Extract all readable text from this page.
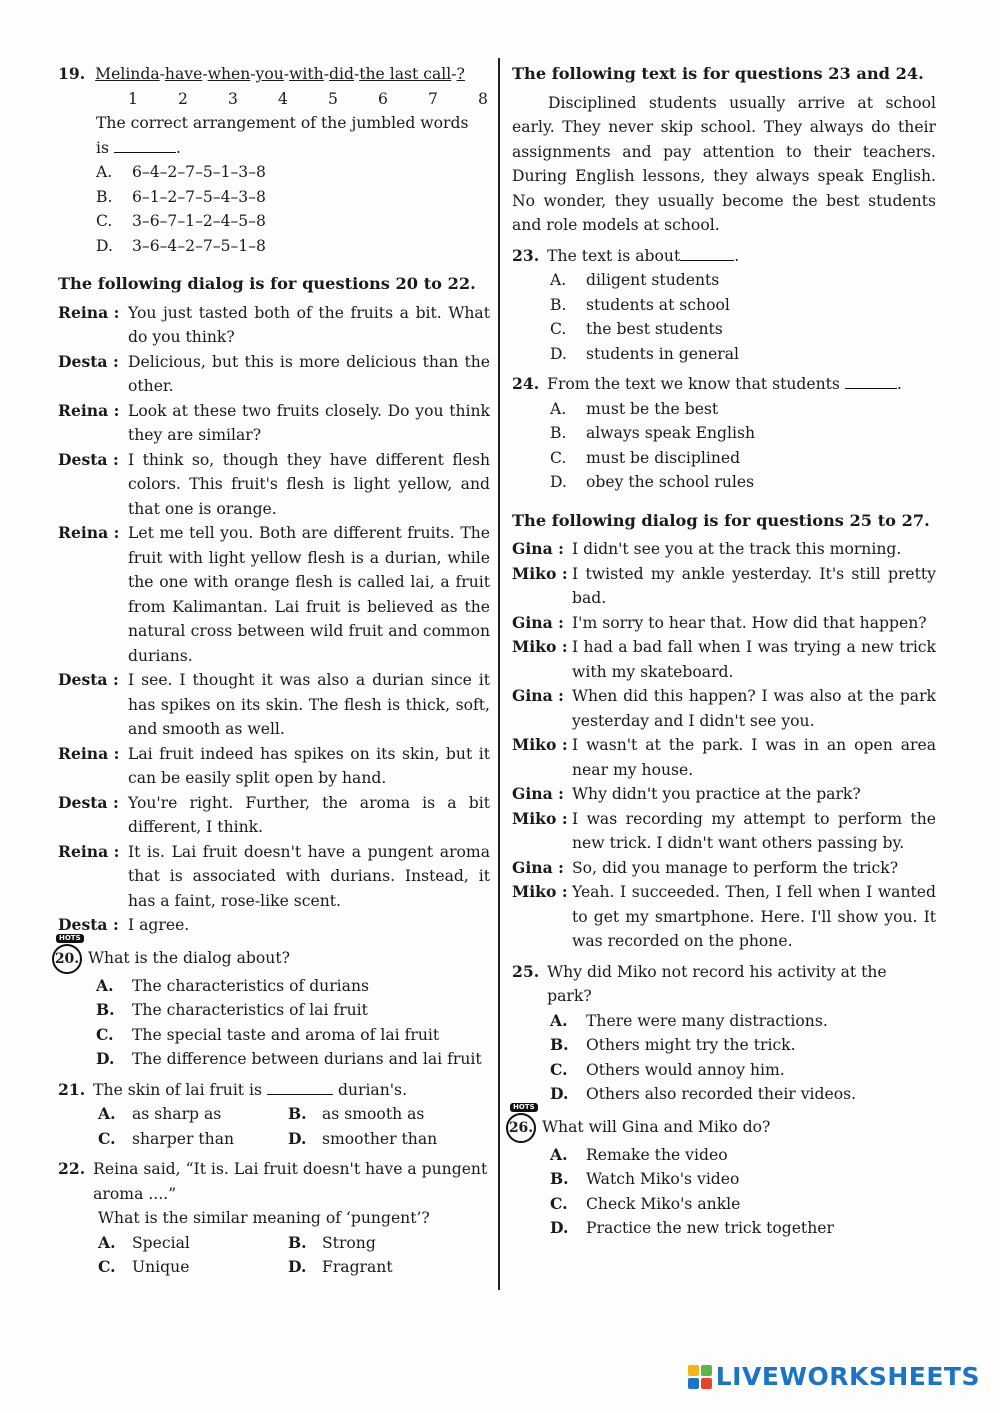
19. Melinda-have-when-you-with-did-the last call-?
1	2	3	4	5	6	7	8
The correct arrangement of the jumbled words
is	.
A.	6–4–2–7–5–1–3–8
B.	6–1–2–7–5–4–3–8
C.	3–6–7–1–2–4–5–8
D.	3–6–4–2–7–5–1–8
The following dialog is for questions 20 to 22.
Reina : You just tasted both of the fruits a bit. What do you think?
Desta : Delicious, but this is more delicious than the other.
Reina : Look at these two fruits closely. Do you think they are similar?
Desta : I think so, though they have different flesh colors. This fruit's flesh is light yellow, and that one is orange.
Reina : Let me tell you. Both are different fruits. The fruit with light yellow flesh is a durian, while the one with orange flesh is called lai, a fruit from Kalimantan. Lai fruit is believed as the natural cross between wild fruit and common durians.
Desta : I see. I thought it was also a durian since it has spikes on its skin. The flesh is thick, soft, and smooth as well.
Reina : Lai fruit indeed has spikes on its skin, but it can be easily split open by hand.
Desta : You're right. Further, the aroma is a bit different, I think.
Reina : It is. Lai fruit doesn't have a pungent aroma that is associated with durians. Instead, it has a faint, rose-like scent.
Desta : I agree.
HOTS
20. What is the dialog about?
A.	The characteristics of durians
B.	The characteristics of lai fruit
C.	The special taste and aroma of lai fruit
D.	The difference between durians and lai fruit
21. The skin of lai fruit is	durian's.
A.	as sharp as	B. as smooth as
C.	sharper than	D. smoother than
22. Reina said, “It is. Lai fruit doesn't have a pungent aroma ....”
What is the similar meaning of ‘pungent’?
A.	Special	B. Strong
C.	Unique	D. Fragrant
The following text is for questions 23 and 24.
Disciplined students usually arrive at school early. They never skip school. They always do their assignments and pay attention to their teachers. During English lessons, they always speak English. No wonder, they usually become the best students and role models at school.
23. The text is about	.
A.	diligent students
B.	students at school
C.	the best students
D.	students in general
24. From the text we know that students	.
A.	must be the best
B.	always speak English
C.	must be disciplined
D.	obey the school rules
The following dialog is for questions 25 to 27.
Gina : I didn't see you at the track this morning.
Miko : I twisted my ankle yesterday. It's still pretty bad.
Gina : I'm sorry to hear that. How did that happen?
Miko : I had a bad fall when I was trying a new trick with my skateboard.
Gina : When did this happen? I was also at the park yesterday and I didn't see you.
Miko : I wasn't at the park. I was in an open area near my house.
Gina : Why didn't you practice at the park?
Miko : I was recording my attempt to perform the new trick. I didn't want others passing by.
Gina : So, did you manage to perform the trick?
Miko : Yeah. I succeeded. Then, I fell when I wanted to get my smartphone. Here. I'll show you. It was recorded on the phone.
25. Why did Miko not record his activity at the park?
A.	There were many distractions.
B.	Others might try the trick.
C.	Others would annoy him.
D.	Others also recorded their videos.
HOTS
26. What will Gina and Miko do?
A.	Remake the video
B.	Watch Miko's video
C.	Check Miko's ankle
D.	Practice the new trick together
LIVEWORKSHEETS
